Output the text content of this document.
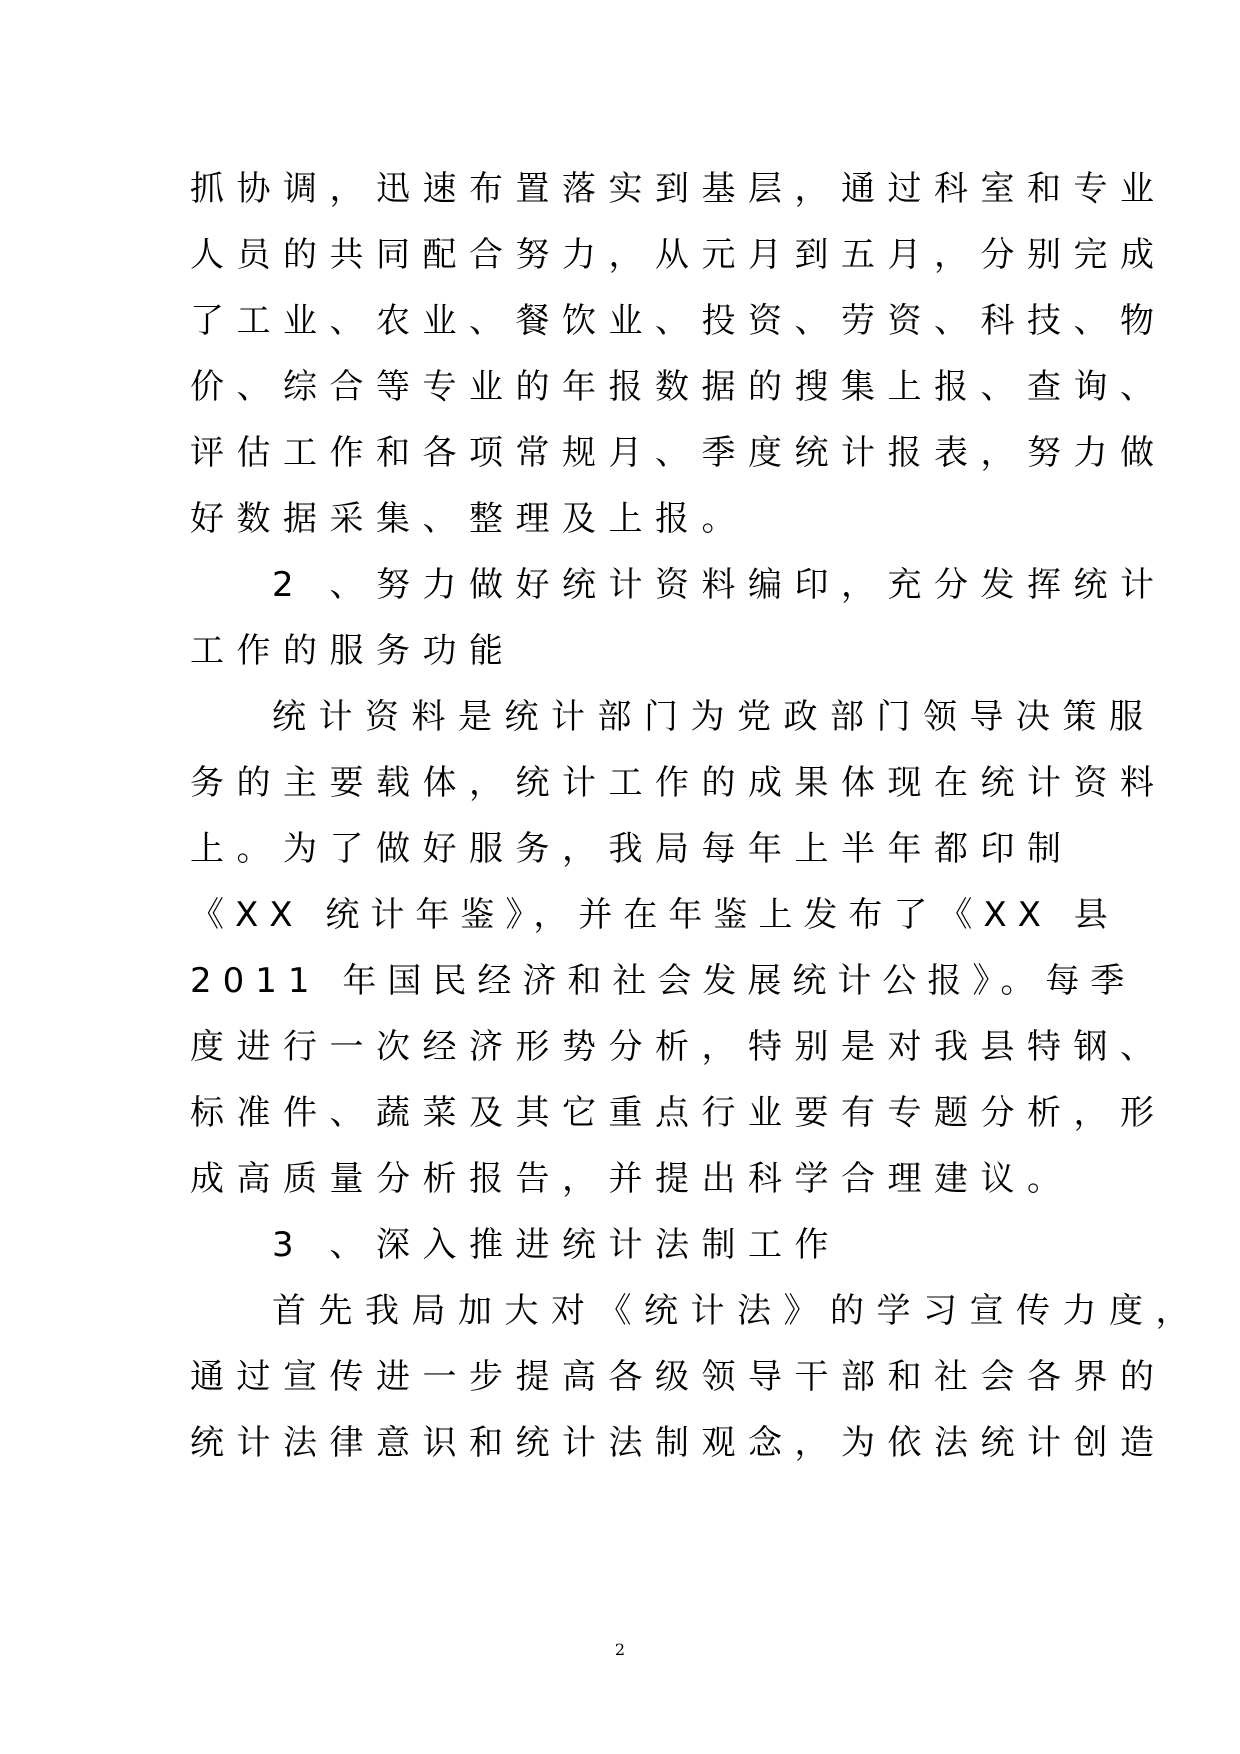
抓协调，迅速布置落实到基层，通过科室和专业
人员的共同配合努力，从元月到五月，分别完成
了工业、农业、餐饮业、投资、劳资、科技、物
价、综合等专业的年报数据的搜集上报、查询、
评估工作和各项常规月、季度统计报表，努力做
好数据采集、整理及上报。
2 、努力做好统计资料编印，充分发挥统计
工作的服务功能
统计资料是统计部门为党政部门领导决策服
务的主要载体，统计工作的成果体现在统计资料
上。为了做好服务，我局每年上半年都印制
《XX 统计年鉴》，并在年鉴上发布了《XX 县
2011 年国民经济和社会发展统计公报》。每季
度进行一次经济形势分析，特别是对我县特钢、
标准件、蔬菜及其它重点行业要有专题分析，形
成高质量分析报告，并提出科学合理建议。
3 、深入推进统计法制工作
首先我局加大对《统计法》的学习宣传力度，
通过宣传进一步提高各级领导干部和社会各界的
统计法律意识和统计法制观念，为依法统计创造
2
